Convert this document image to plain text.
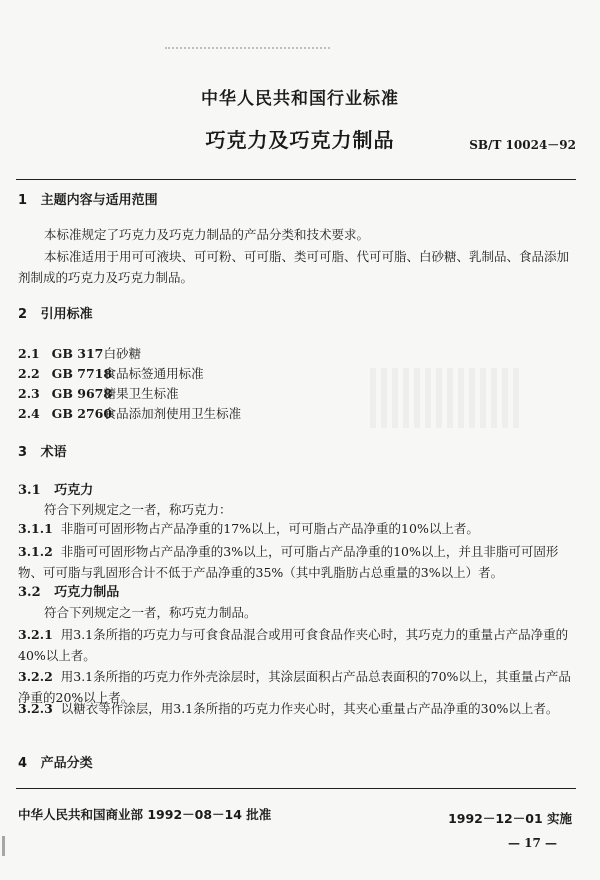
中华人民共和国行业标准
巧克力及巧克力制品	SB/T 10024－92
1 主题内容与适用范围
本标准规定了巧克力及巧克力制品的产品分类和技术要求。
本标准适用于用可可液块、可可粉、可可脂、类可可脂、代可可脂、白砂糖、乳制品、食品添加剂制成的巧克力及巧克力制品。
2 引用标准
2.1 GB 317  白砂糖
2.2 GB 7718  食品标签通用标准
2.3 GB 9678  糖果卫生标准
2.4 GB 2760  食品添加剂使用卫生标准
3 术语
3.1 巧克力
符合下列规定之一者，称巧克力：
3.1.1 非脂可可固形物占产品净重的17%以上，可可脂占产品净重的10%以上者。
3.1.2 非脂可可固形物占产品净重的3%以上，可可脂占产品净重的10%以上，并且非脂可可固形物、可可脂与乳固形合计不低于产品净重的35%（其中乳脂肪占总重量的3%以上）者。
3.2 巧克力制品
符合下列规定之一者，称巧克力制品。
3.2.1 用3.1条所指的巧克力与可食食品混合或用可食食品作夹心时，其巧克力的重量占产品净重的40%以上者。
3.2.2 用3.1条所指的巧克力作外壳涂层时，其涂层面积占产品总表面积的70%以上，其重量占产品净重的20%以上者。
3.2.3 以糖衣等作涂层，用3.1条所指的巧克力作夹心时，其夹心重量占产品净重的30%以上者。
4 产品分类
中华人民共和国商业部 1992－08－14 批准	1992－12－01 实施
— 17 —
